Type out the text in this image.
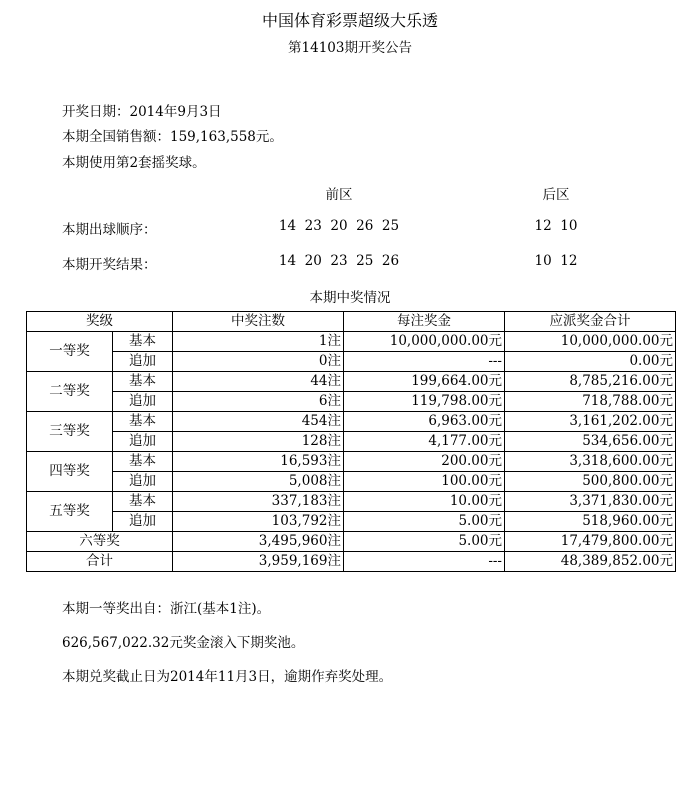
中国体育彩票超级大乐透
第14103期开奖公告
开奖日期：2014年9月3日
本期全国销售额：159,163,558元。
本期使用第2套摇奖球。
前区	后区
本期出球顺序：	14  23  20  26  25	12  10
本期开奖结果：	14  20  23  25  26	10  12
本期中奖情况
奖级		中奖注数	每注奖金	应派奖金合计
一等奖	基本	1注	10,000,000.00元	10,000,000.00元
	追加	0注	---	0.00元
二等奖	基本	44注	199,664.00元	8,785,216.00元
	追加	6注	119,798.00元	718,788.00元
三等奖	基本	454注	6,963.00元	3,161,202.00元
	追加	128注	4,177.00元	534,656.00元
四等奖	基本	16,593注	200.00元	3,318,600.00元
	追加	5,008注	100.00元	500,800.00元
五等奖	基本	337,183注	10.00元	3,371,830.00元
	追加	103,792注	5.00元	518,960.00元
六等奖		3,495,960注	5.00元	17,479,800.00元
合计		3,959,169注	---	48,389,852.00元
本期一等奖出自：浙江(基本1注)。
626,567,022.32元奖金滚入下期奖池。
本期兑奖截止日为2014年11月3日，逾期作弃奖处理。
